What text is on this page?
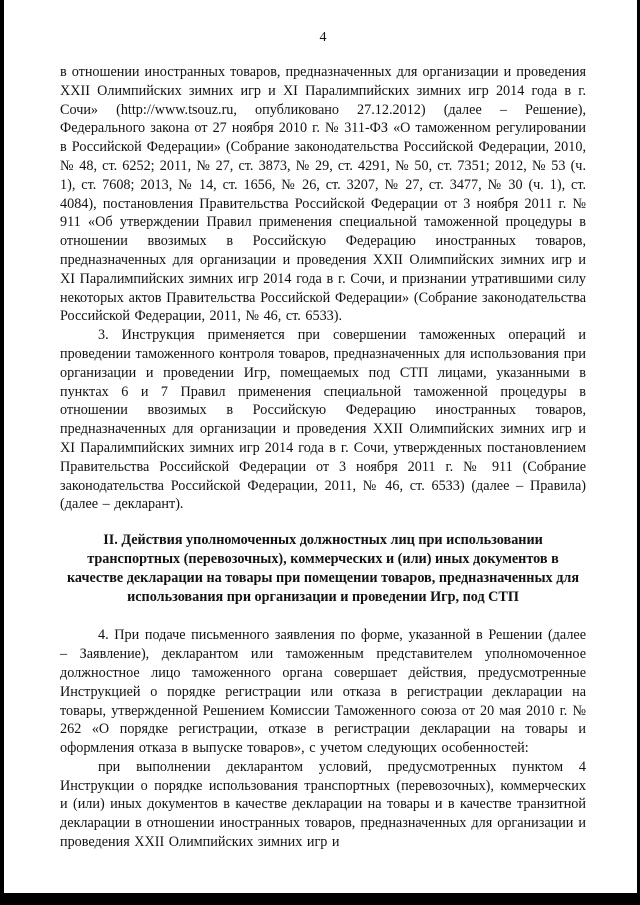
4

в отношении иностранных товаров, предназначенных для организации и проведения XXII Олимпийских зимних игр и XI Паралимпийских зимних игр 2014 года в г. Сочи» (http://www.tsouz.ru, опубликовано 27.12.2012) (далее – Решение), Федерального закона от 27 ноября 2010 г. № 311-ФЗ «О таможенном регулировании в Российской Федерации» (Собрание законодательства Российской Федерации, 2010, № 48, ст. 6252; 2011, № 27, ст. 3873, № 29, ст. 4291, № 50, ст. 7351; 2012, № 53 (ч. 1), ст. 7608; 2013, № 14, ст. 1656, № 26, ст. 3207, № 27, ст. 3477, № 30 (ч. 1), ст. 4084), постановления Правительства Российской Федерации от 3 ноября 2011 г. № 911 «Об утверждении Правил применения специальной таможенной процедуры в отношении ввозимых в Российскую Федерацию иностранных товаров, предназначенных для организации и проведения XXII Олимпийских зимних игр и XI Паралимпийских зимних игр 2014 года в г. Сочи, и признании утратившими силу некоторых актов Правительства Российской Федерации» (Собрание законодательства Российской Федерации, 2011, № 46, ст. 6533).

3. Инструкция применяется при совершении таможенных операций и проведении таможенного контроля товаров, предназначенных для использования при организации и проведении Игр, помещаемых под СТП лицами, указанными в пунктах 6 и 7 Правил применения специальной таможенной процедуры в отношении ввозимых в Российскую Федерацию иностранных товаров, предназначенных для организации и проведения XXII Олимпийских зимних игр и XI Паралимпийских зимних игр 2014 года в г. Сочи, утвержденных постановлением Правительства Российской Федерации от 3 ноября 2011 г. № 911 (Собрание законодательства Российской Федерации, 2011, № 46, ст. 6533) (далее – Правила) (далее – декларант).

II. Действия уполномоченных должностных лиц при использовании транспортных (перевозочных), коммерческих и (или) иных документов в качестве декларации на товары при помещении товаров, предназначенных для использования при организации и проведении Игр, под СТП

4. При подаче письменного заявления по форме, указанной в Решении (далее – Заявление), декларантом или таможенным представителем уполномоченное должностное лицо таможенного органа совершает действия, предусмотренные Инструкцией о порядке регистрации или отказа в регистрации декларации на товары, утвержденной Решением Комиссии Таможенного союза от 20 мая 2010 г. № 262 «О порядке регистрации, отказе в регистрации декларации на товары и оформления отказа в выпуске товаров», с учетом следующих особенностей:

при выполнении декларантом условий, предусмотренных пунктом 4 Инструкции о порядке использования транспортных (перевозочных), коммерческих и (или) иных документов в качестве декларации на товары и в качестве транзитной декларации в отношении иностранных товаров, предназначенных для организации и проведения XXII Олимпийских зимних игр и
